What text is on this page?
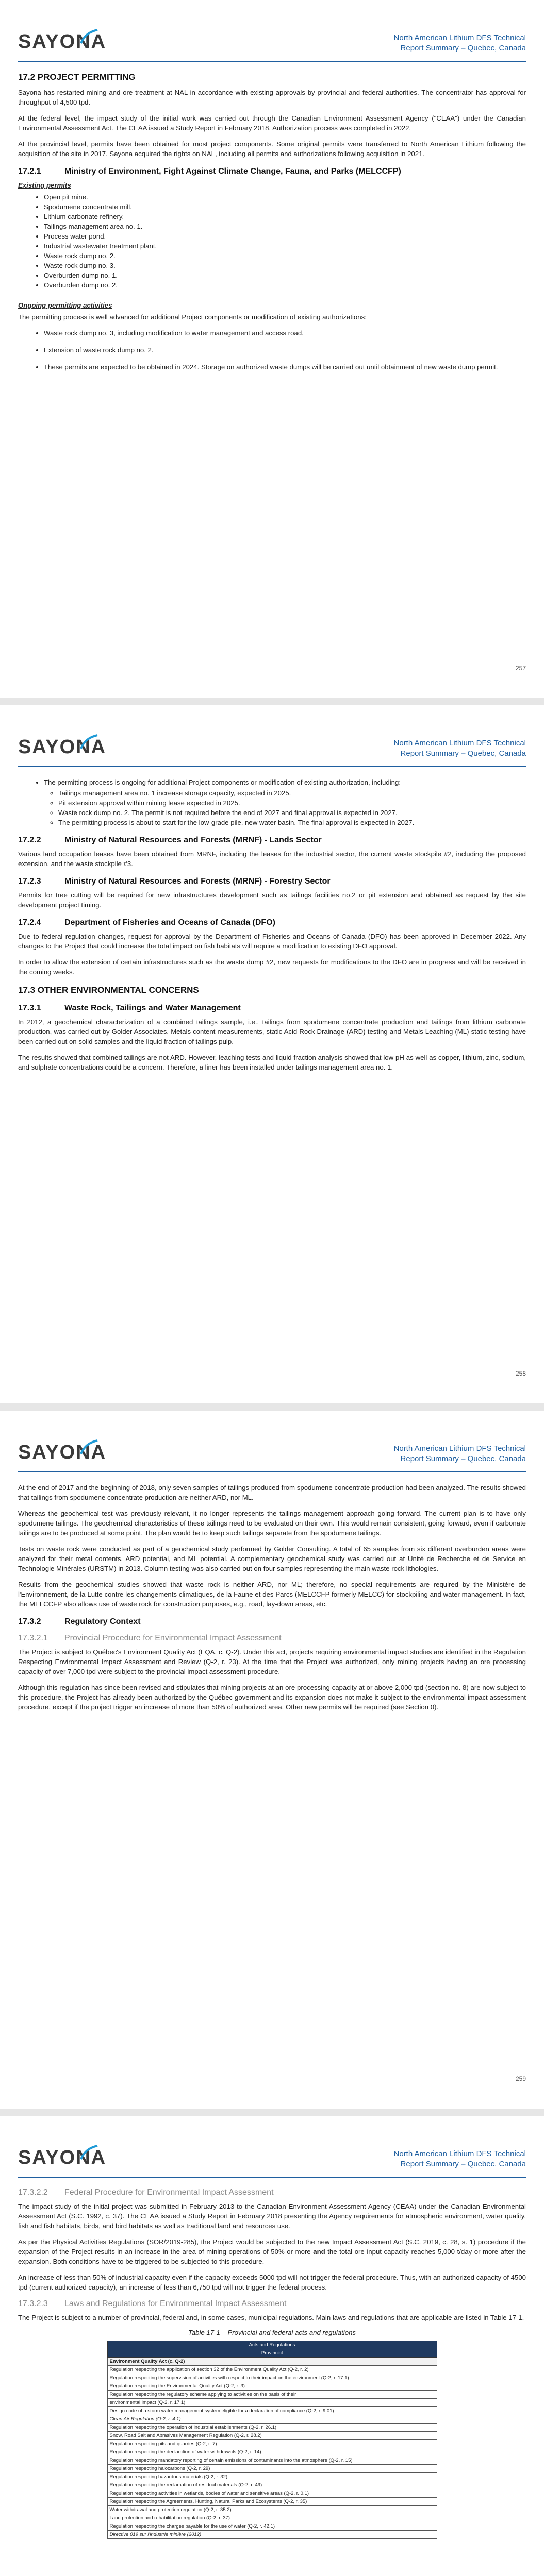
SAYONA	North American Lithium DFS Technical
Report Summary – Quebec, Canada
17.2 PROJECT PERMITTING

Sayona has restarted mining and ore treatment at NAL in accordance with existing approvals by provincial and federal authorities. The concentrator has approval for throughput of 4,500 tpd.

At the federal level, the impact study of the initial work was carried out through the Canadian Environment Assessment Agency ("CEAA") under the Canadian Environmental Assessment Act. The CEAA issued a Study Report in February 2018. Authorization process was completed in 2022.

At the provincial level, permits have been obtained for most project components. Some original permits were transferred to North American Lithium following the acquisition of the site in 2017. Sayona acquired the rights on NAL, including all permits and authorizations following acquisition in 2021.

17.2.1	Ministry of Environment, Fight Against Climate Change, Fauna, and Parks (MELCCFP)
Existing permits
• Open pit mine.
• Spodumene concentrate mill.
• Lithium carbonate refinery.
• Tailings management area no. 1.
• Process water pond.
• Industrial wastewater treatment plant.
• Waste rock dump no. 2.
• Waste rock dump no. 3.
• Overburden dump no. 1.
• Overburden dump no. 2.
Ongoing permitting activities

The permitting process is well advanced for additional Project components or modification of existing authorizations:

• Waste rock dump no. 3, including modification to water management and access road.
• Extension of waste rock dump no. 2.
• These permits are expected to be obtained in 2024. Storage on authorized waste dumps will be carried out until obtainment of new waste dump permit.
257
SAYONA	North American Lithium DFS Technical
Report Summary – Quebec, Canada
• The permitting process is ongoing for additional Project components or modification of existing authorization, including:
◦ Tailings management area no. 1 increase storage capacity, expected in 2025.
◦ Pit extension approval within mining lease expected in 2025.
◦ Waste rock dump no. 2. The permit is not required before the end of 2027 and final approval is expected in 2027.
◦ The permitting process is about to start for the low-grade pile, new water basin. The final approval is expected in 2027.
17.2.2	Ministry of Natural Resources and Forests (MRNF) - Lands Sector

Various land occupation leases have been obtained from MRNF, including the leases for the industrial sector, the current waste stockpile #2, including the proposed extension, and the waste stockpile #3.

17.2.3	Ministry of Natural Resources and Forests (MRNF) - Forestry Sector

Permits for tree cutting will be required for new infrastructures development such as tailings facilities no.2 or pit extension and obtained as request by the site development project timing.

17.2.4	Department of Fisheries and Oceans of Canada (DFO)

Due to federal regulation changes, request for approval by the Department of Fisheries and Oceans of Canada (DFO) has been approved in December 2022. Any changes to the Project that could increase the total impact on fish habitats will require a modification to existing DFO approval.

In order to allow the extension of certain infrastructures such as the waste dump #2, new requests for modifications to the DFO are in progress and will be received in the coming weeks.

17.3 OTHER ENVIRONMENTAL CONCERNS
17.3.1	Waste Rock, Tailings and Water Management

In 2012, a geochemical characterization of a combined tailings sample, i.e., tailings from spodumene concentrate production and tailings from lithium carbonate production, was carried out by Golder Associates. Metals content measurements, static Acid Rock Drainage (ARD) testing and Metals Leaching (ML) static testing have been carried out on solid samples and the liquid fraction of tailings pulp.

The results showed that combined tailings are not ARD. However, leaching tests and liquid fraction analysis showed that low pH as well as copper, lithium, zinc, sodium, and sulphate concentrations could be a concern. Therefore, a liner has been installed under tailings management area no. 1.

258
SAYONA	North American Lithium DFS Technical
Report Summary – Quebec, Canada

At the end of 2017 and the beginning of 2018, only seven samples of tailings produced from spodumene concentrate production had been analyzed. The results showed that tailings from spodumene concentrate production are neither ARD, nor ML.

Whereas the geochemical test was previously relevant, it no longer represents the tailings management approach going forward. The current plan is to have only spodumene tailings. The geochemical characteristics of these tailings need to be evaluated on their own. This would remain consistent, going forward, even if carbonate tailings are to be produced at some point. The plan would be to keep such tailings separate from the spodumene tailings.

Tests on waste rock were conducted as part of a geochemical study performed by Golder Consulting. A total of 65 samples from six different overburden areas were analyzed for their metal contents, ARD potential, and ML potential. A complementary geochemical study was carried out at Unité de Recherche et de Service en Technologie Minérales (URSTM) in 2013. Column testing was also carried out on four samples representing the main waste rock lithologies.

Results from the geochemical studies showed that waste rock is neither ARD, nor ML; therefore, no special requirements are required by the Ministère de l'Environnement, de la Lutte contre les changements climatiques, de la Faune et des Parcs (MELCCFP formerly MELCC) for stockpiling and water management. In fact, the MELCCFP also allows use of waste rock for construction purposes, e.g., road, lay-down areas, etc.

17.3.2	Regulatory Context
17.3.2.1 Provincial Procedure for Environmental Impact Assessment

The Project is subject to Québec's Environment Quality Act (EQA, c. Q-2). Under this act, projects requiring environmental impact studies are identified in the Regulation Respecting Environmental Impact Assessment and Review (Q-2, r. 23). At the time that the Project was authorized, only mining projects having an ore processing capacity of over 7,000 tpd were subject to the provincial impact assessment procedure.

Although this regulation has since been revised and stipulates that mining projects at an ore processing capacity at or above 2,000 tpd (section no. 8) are now subject to this procedure, the Project has already been authorized by the Québec government and its expansion does not make it subject to the environmental impact assessment procedure, except if the project trigger an increase of more than 50% of authorized area. Other new permits will be required (see Section 0).

259
SAYONA	North American Lithium DFS Technical
Report Summary – Quebec, Canada
17.3.2.2 Federal Procedure for Environmental Impact Assessment

The impact study of the initial project was submitted in February 2013 to the Canadian Environment Assessment Agency (CEAA) under the Canadian Environmental Assessment Act (S.C. 1992, c. 37). The CEAA issued a Study Report in February 2018 presenting the Agency requirements for atmospheric environment, water quality, fish and fish habitats, birds, and bird habitats as well as traditional land and resources use.

As per the Physical Activities Regulations (SOR/2019-285), the Project would be subjected to the new Impact Assessment Act (S.C. 2019, c. 28, s. 1) procedure if the expansion of the Project results in an increase in the area of mining operations of 50% or more and the total ore input capacity reaches 5,000 t/day or more after the expansion. Both conditions have to be triggered to be subjected to this procedure.

An increase of less than 50% of industrial capacity even if the capacity exceeds 5000 tpd will not trigger the federal procedure. Thus, with an authorized capacity of 4500 tpd (current authorized capacity), an increase of less than 6,750 tpd will not trigger the federal process.

17.3.2.3 Laws and Regulations for Environmental Impact Assessment

The Project is subject to a number of provincial, federal and, in some cases, municipal regulations. Main laws and regulations that are applicable are listed in Table 17-1.

Table 17-1 – Provincial and federal acts and regulations
Acts and Regulations
Provincial
Environment Quality Act (c. Q-2)
Regulation respecting the application of section 32 of the Environment Quality Act (Q-2, r. 2)
Regulation respecting the supervision of activities with respect to their impact on the environment (Q-2, r. 17.1)
Regulation respecting the Environmental Quality Act (Q-2, r. 3)
Regulation respecting the regulatory scheme applying to activities on the basis of their
environmental impact (Q-2, r. 17.1)
Design code of a storm water management system eligible for a declaration of compliance (Q-2, r. 9.01)
Clean Air Regulation (Q-2, r. 4.1)
Regulation respecting the operation of industrial establishments (Q-2, r. 26.1)
Snow, Road Salt and Abrasives Management Regulation (Q-2, r. 28.2)
Regulation respecting pits and quarries (Q-2, r. 7)
Regulation respecting the declaration of water withdrawals (Q-2, r. 14)
Regulation respecting mandatory reporting of certain emissions of contaminants into the atmosphere (Q-2, r. 15)
Regulation respecting halocarbons (Q-2, r. 29)
Regulation respecting hazardous materials (Q-2, r. 32)
Regulation respecting the reclamation of residual materials (Q-2, r. 49)
Regulation respecting activities in wetlands, bodies of water and sensitive areas (Q-2, r. 0.1)
Regulation respecting the Agreements, Hunting, Natural Parks and Ecosystems (Q-2, r. 35)
Water withdrawal and protection regulation (Q-2, r. 35.2)
Land protection and rehabilitation regulation (Q-2, r. 37)
Regulation respecting the charges payable for the use of water (Q-2, r. 42.1)
Directive 019 sur l'industrie minière (2012)
